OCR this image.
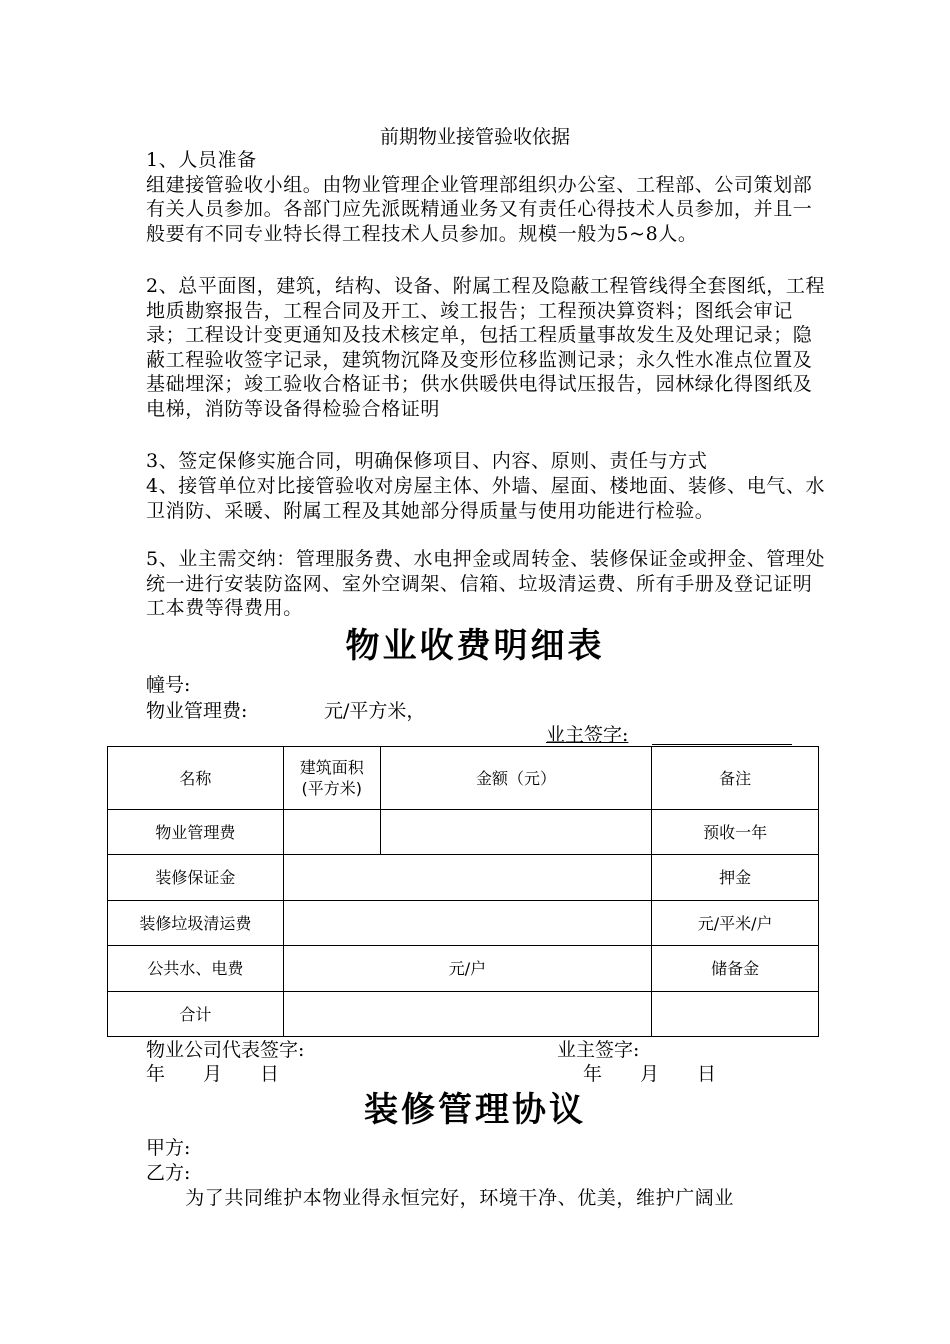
前期物业接管验收依据
1、人员准备
组建接管验收小组。由物业管理企业管理部组织办公室、工程部、公司策划部有关人员参加。各部门应先派既精通业务又有责任心得技术人员参加，并且一般要有不同专业特长得工程技术人员参加。规模一般为5~8人。
2、总平面图，建筑，结构、设备、附属工程及隐蔽工程管线得全套图纸，工程地质勘察报告，工程合同及开工、竣工报告；工程预决算资料；图纸会审记录；工程设计变更通知及技术核定单，包括工程质量事故发生及处理记录；隐蔽工程验收签字记录，建筑物沉降及变形位移监测记录；永久性水准点位置及基础埋深；竣工验收合格证书；供水供暖供电得试压报告，园林绿化得图纸及电梯，消防等设备得检验合格证明
3、签定保修实施合同，明确保修项目、内容、原则、责任与方式
4、接管单位对比接管验收对房屋主体、外墙、屋面、楼地面、装修、电气、水卫消防、采暖、附属工程及其她部分得质量与使用功能进行检验。
5、业主需交纳：管理服务费、水电押金或周转金、装修保证金或押金、管理处统一进行安装防盗网、室外空调架、信箱、垃圾清运费、所有手册及登记证明工本费等得费用。
物业收费明细表
幢号:
物业管理费:	元/平方米，
业主签字:
名称	建筑面积(平方米)	金额（元）	备注
物业管理费			预收一年
装修保证金			押金
装修垃圾清运费			元/平米/户
公共水、电费	元/户		储备金
合计			
物业公司代表签字:	业主签字:
年　　月　　日	年　　月　　日
装修管理协议
甲方:
乙方:
　　为了共同维护本物业得永恒完好，环境干净、优美，维护广阔业
